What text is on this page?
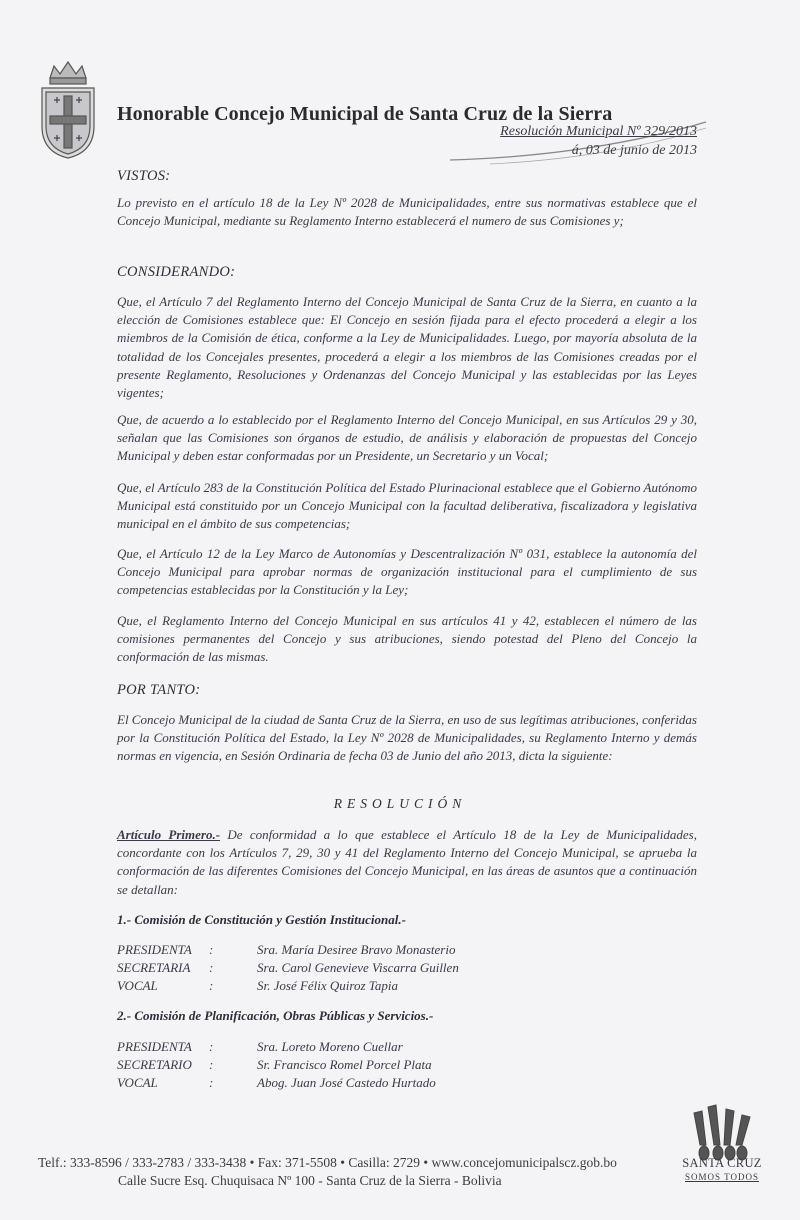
Honorable Concejo Municipal de Santa Cruz de la Sierra
Resolución Municipal Nº 329/2013
á, 03 de junio de 2013
VISTOS:
Lo previsto en el artículo 18 de la Ley Nº 2028 de Municipalidades, entre sus normativas establece que el Concejo Municipal, mediante su Reglamento Interno establecerá el numero de sus Comisiones y;
CONSIDERANDO:
Que, el Artículo 7 del Reglamento Interno del Concejo Municipal de Santa Cruz de la Sierra, en cuanto a la elección de Comisiones establece que: El Concejo en sesión fijada para el efecto procederá a elegir a los miembros de la Comisión de ética, conforme a la Ley de Municipalidades. Luego, por mayoría absoluta de la totalidad de los Concejales presentes, procederá a elegir a los miembros de las Comisiones creadas por el presente Reglamento, Resoluciones y Ordenanzas del Concejo Municipal y las establecidas por las Leyes vigentes;
Que, de acuerdo a lo establecido por el Reglamento Interno del Concejo Municipal, en sus Artículos 29 y 30, señalan que las Comisiones son órganos de estudio, de análisis y elaboración de propuestas del Concejo Municipal y deben estar conformadas por un Presidente, un Secretario y un Vocal;
Que, el Artículo 283 de la Constitución Política del Estado Plurinacional establece que el Gobierno Autónomo Municipal está constituido por un Concejo Municipal con la facultad deliberativa, fiscalizadora y legislativa municipal en el ámbito de sus competencias;
Que, el Artículo 12 de la Ley Marco de Autonomías y Descentralización Nº 031, establece la autonomía del Concejo Municipal para aprobar normas de organización institucional para el cumplimiento de sus competencias establecidas por la Constitución y la Ley;
Que, el Reglamento Interno del Concejo Municipal en sus artículos 41 y 42, establecen el número de las comisiones permanentes del Concejo y sus atribuciones, siendo potestad del Pleno del Concejo la conformación de las mismas.
POR TANTO:
El Concejo Municipal de la ciudad de Santa Cruz de la Sierra, en uso de sus legítimas atribuciones, conferidas por la Constitución Política del Estado, la Ley Nº 2028 de Municipalidades, su Reglamento Interno y demás normas en vigencia, en Sesión Ordinaria de fecha 03 de Junio del año 2013, dicta la siguiente:
RESOLUCIÓN
Artículo Primero.- De conformidad a lo que establece el Artículo 18 de la Ley de Municipalidades, concordante con los Artículos 7, 29, 30 y 41 del Reglamento Interno del Concejo Municipal, se aprueba la conformación de las diferentes Comisiones del Concejo Municipal, en las áreas de asuntos que a continuación se detallan:
1.- Comisión de Constitución y Gestión Institucional.-
PRESIDENTA	:	Sra. María Desiree Bravo Monasterio
SECRETARIA	:	Sra. Carol Genevieve Viscarra Guillen
VOCAL	:	Sr. José Félix Quiroz Tapia
2.- Comisión de Planificación, Obras Públicas y Servicios.-
PRESIDENTA	:	Sra. Loreto Moreno Cuellar
SECRETARIO	:	Sr. Francisco Romel Porcel Plata
VOCAL	:	Abog. Juan José Castedo Hurtado
SANTA CRUZ
SOMOS TODOS
Telf.: 333-8596 / 333-2783 / 333-3438 • Fax: 371-5508 • Casilla: 2729 • www.concejomunicipalscz.gob.bo
Calle Sucre Esq. Chuquisaca Nº 100 - Santa Cruz de la Sierra - Bolivia
